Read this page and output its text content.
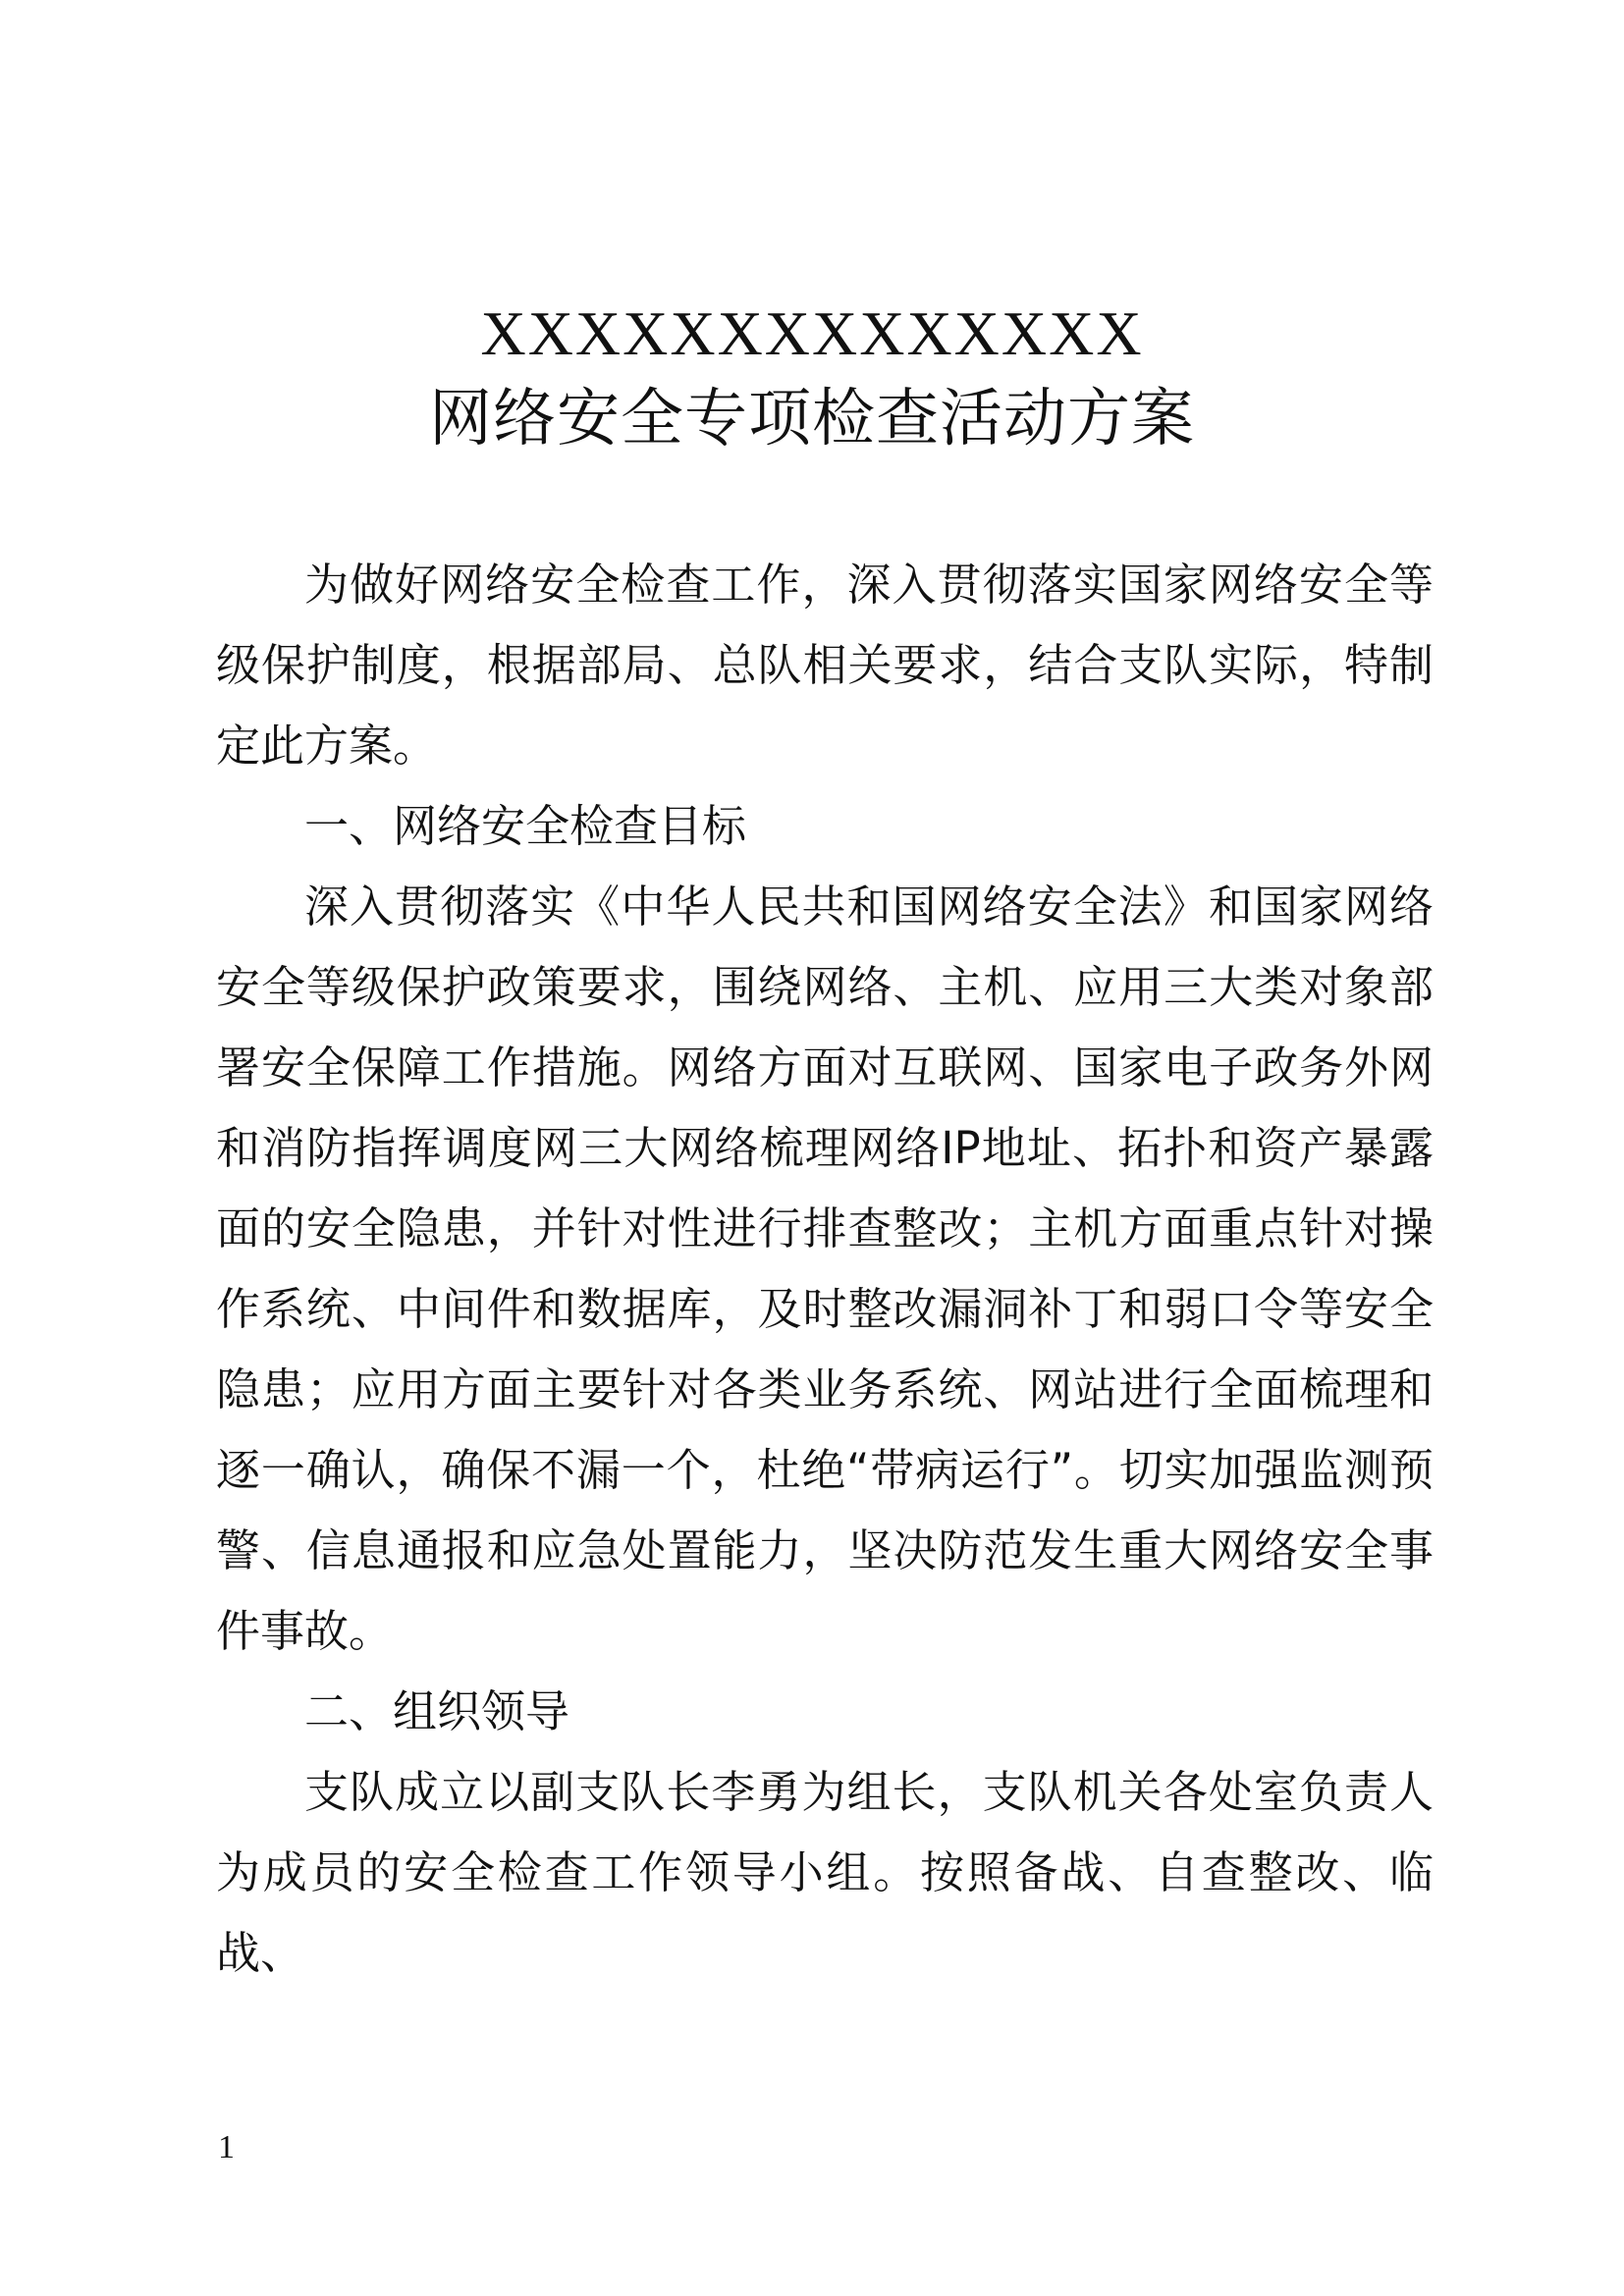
XXXXXXXXXXXXXX
网络安全专项检查活动方案

为做好网络安全检查工作，深入贯彻落实国家网络安全等级保护制度，根据部局、总队相关要求，结合支队实际，特制定此方案。

一、网络安全检查目标

深入贯彻落实《中华人民共和国网络安全法》和国家网络安全等级保护政策要求，围绕网络、主机、应用三大类对象部署安全保障工作措施。网络方面对互联网、国家电子政务外网和消防指挥调度网三大网络梳理网络IP地址、拓扑和资产暴露面的安全隐患，并针对性进行排查整改；主机方面重点针对操作系统、中间件和数据库，及时整改漏洞补丁和弱口令等安全隐患；应用方面主要针对各类业务系统、网站进行全面梳理和逐一确认，确保不漏一个，杜绝“带病运行”。切实加强监测预警、信息通报和应急处置能力，坚决防范发生重大网络安全事件事故。

二、组织领导

支队成立以副支队长李勇为组长，支队机关各处室负责人为成员的安全检查工作领导小组。按照备战、自查整改、临战、

1
